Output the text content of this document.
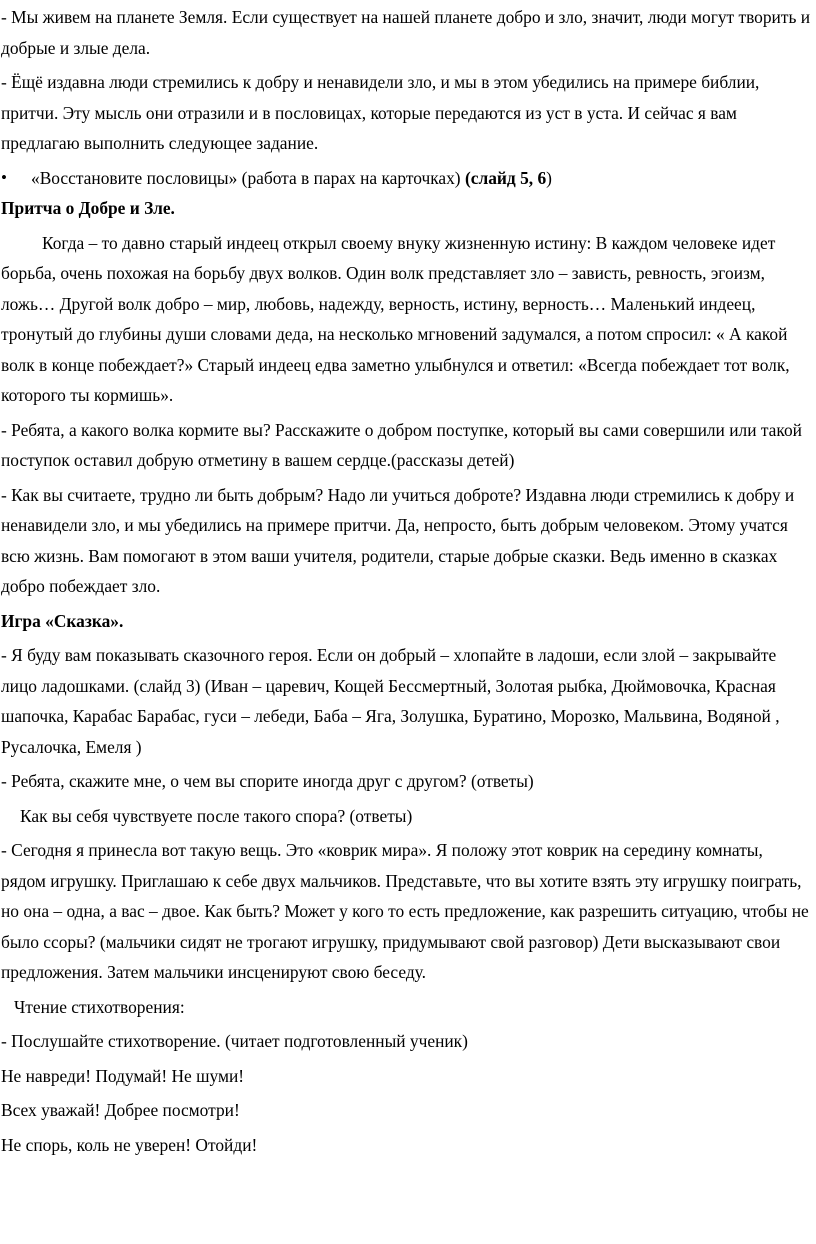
- Мы живем на планете Земля. Если существует на нашей планете добро и зло, значит, люди могут творить и добрые и злые дела.

- Ёщё издавна люди стремились к добру и ненавидели зло, и мы в этом убедились на примере библии, притчи. Эту мысль они отразили и в пословицах, которые передаются из уст в уста. И сейчас я вам предлагаю выполнить следующее задание.

•	«Восстановите пословицы» (работа в парах на карточках) (слайд 5, 6)

Притча о Добре и Зле.

Когда – то давно старый индеец открыл своему внуку жизненную истину: В каждом человеке идет борьба, очень похожая на борьбу двух волков. Один волк представляет зло – зависть, ревность, эгоизм, ложь… Другой волк добро – мир, любовь, надежду, верность, истину, верность… Маленький индеец, тронутый до глубины души словами деда, на несколько мгновений задумался, а потом спросил: « А какой волк в конце побеждает?» Старый индеец едва заметно улыбнулся и ответил: «Всегда побеждает тот волк, которого ты кормишь».

- Ребята, а какого волка кормите вы? Расскажите о добром поступке, который вы сами совершили или такой поступок оставил добрую отметину в вашем сердце.(рассказы детей)

- Как вы считаете, трудно ли быть добрым? Надо ли учиться доброте? Издавна люди стремились к добру и ненавидели зло, и мы убедились на примере притчи. Да, непросто, быть добрым человеком. Этому учатся всю жизнь. Вам помогают в этом ваши учителя, родители, старые добрые сказки. Ведь именно в сказках добро побеждает зло.

Игра «Сказка».

- Я буду вам показывать сказочного героя. Если он добрый – хлопайте в ладоши, если злой – закрывайте лицо ладошками. (слайд 3) (Иван – царевич, Кощей Бессмертный, Золотая рыбка, Дюймовочка, Красная шапочка, Карабас Барабас, гуси – лебеди, Баба – Яга, Золушка, Буратино, Морозко, Мальвина, Водяной , Русалочка, Емеля )

- Ребята, скажите мне, о чем вы спорите иногда друг с другом? (ответы)

Как вы себя чувствуете после такого спора? (ответы)

- Сегодня я принесла вот такую вещь. Это «коврик мира». Я положу этот коврик на середину комнаты, рядом игрушку. Приглашаю к себе двух мальчиков. Представьте, что вы хотите взять эту игрушку поиграть, но она – одна, а вас – двое. Как быть? Может у кого то есть предложение, как разрешить ситуацию, чтобы не было ссоры? (мальчики сидят не трогают игрушку, придумывают свой разговор) Дети высказывают свои предложения. Затем мальчики инсценируют свою беседу.

Чтение стихотворения:

- Послушайте стихотворение. (читает подготовленный ученик)

Не навреди! Подумай! Не шуми!

Всех уважай! Добрее посмотри!

Не спорь, коль не уверен! Отойди!
